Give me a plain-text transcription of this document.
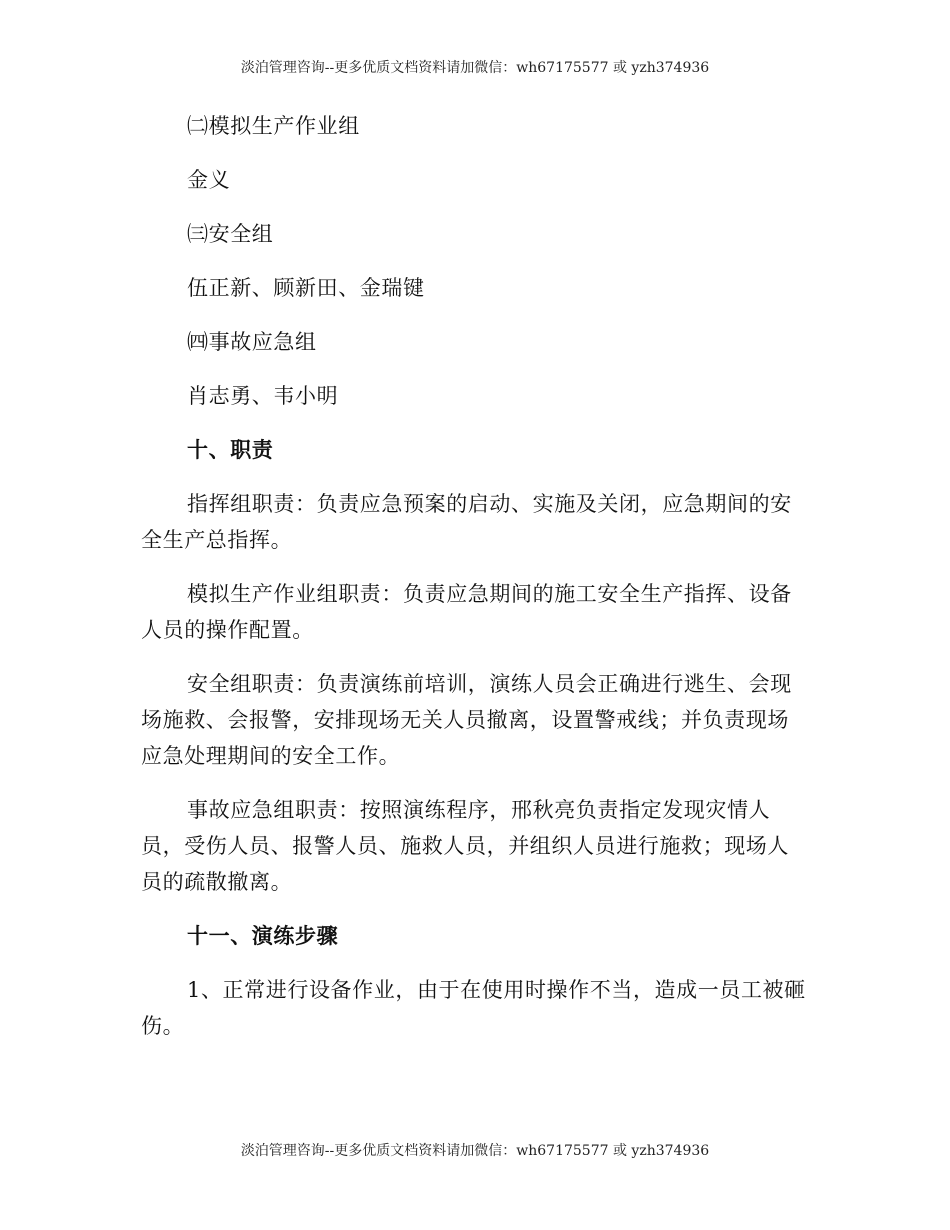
淡泊管理咨询--更多优质文档资料请加微信：wh67175577 或 yzh374936

㈡模拟生产作业组

金义

㈢安全组

伍正新、顾新田、金瑞键

㈣事故应急组

肖志勇、韦小明

十、职责

指挥组职责：负责应急预案的启动、实施及关闭，应急期间的安全生产总指挥。

模拟生产作业组职责：负责应急期间的施工安全生产指挥、设备人员的操作配置。

安全组职责：负责演练前培训，演练人员会正确进行逃生、会现场施救、会报警，安排现场无关人员撤离，设置警戒线；并负责现场应急处理期间的安全工作。

事故应急组职责：按照演练程序，邢秋亮负责指定发现灾情人员，受伤人员、报警人员、施救人员，并组织人员进行施救；现场人员的疏散撤离。

十一、演练步骤

1、正常进行设备作业，由于在使用时操作不当，造成一员工被砸伤。

淡泊管理咨询--更多优质文档资料请加微信：wh67175577 或 yzh374936
